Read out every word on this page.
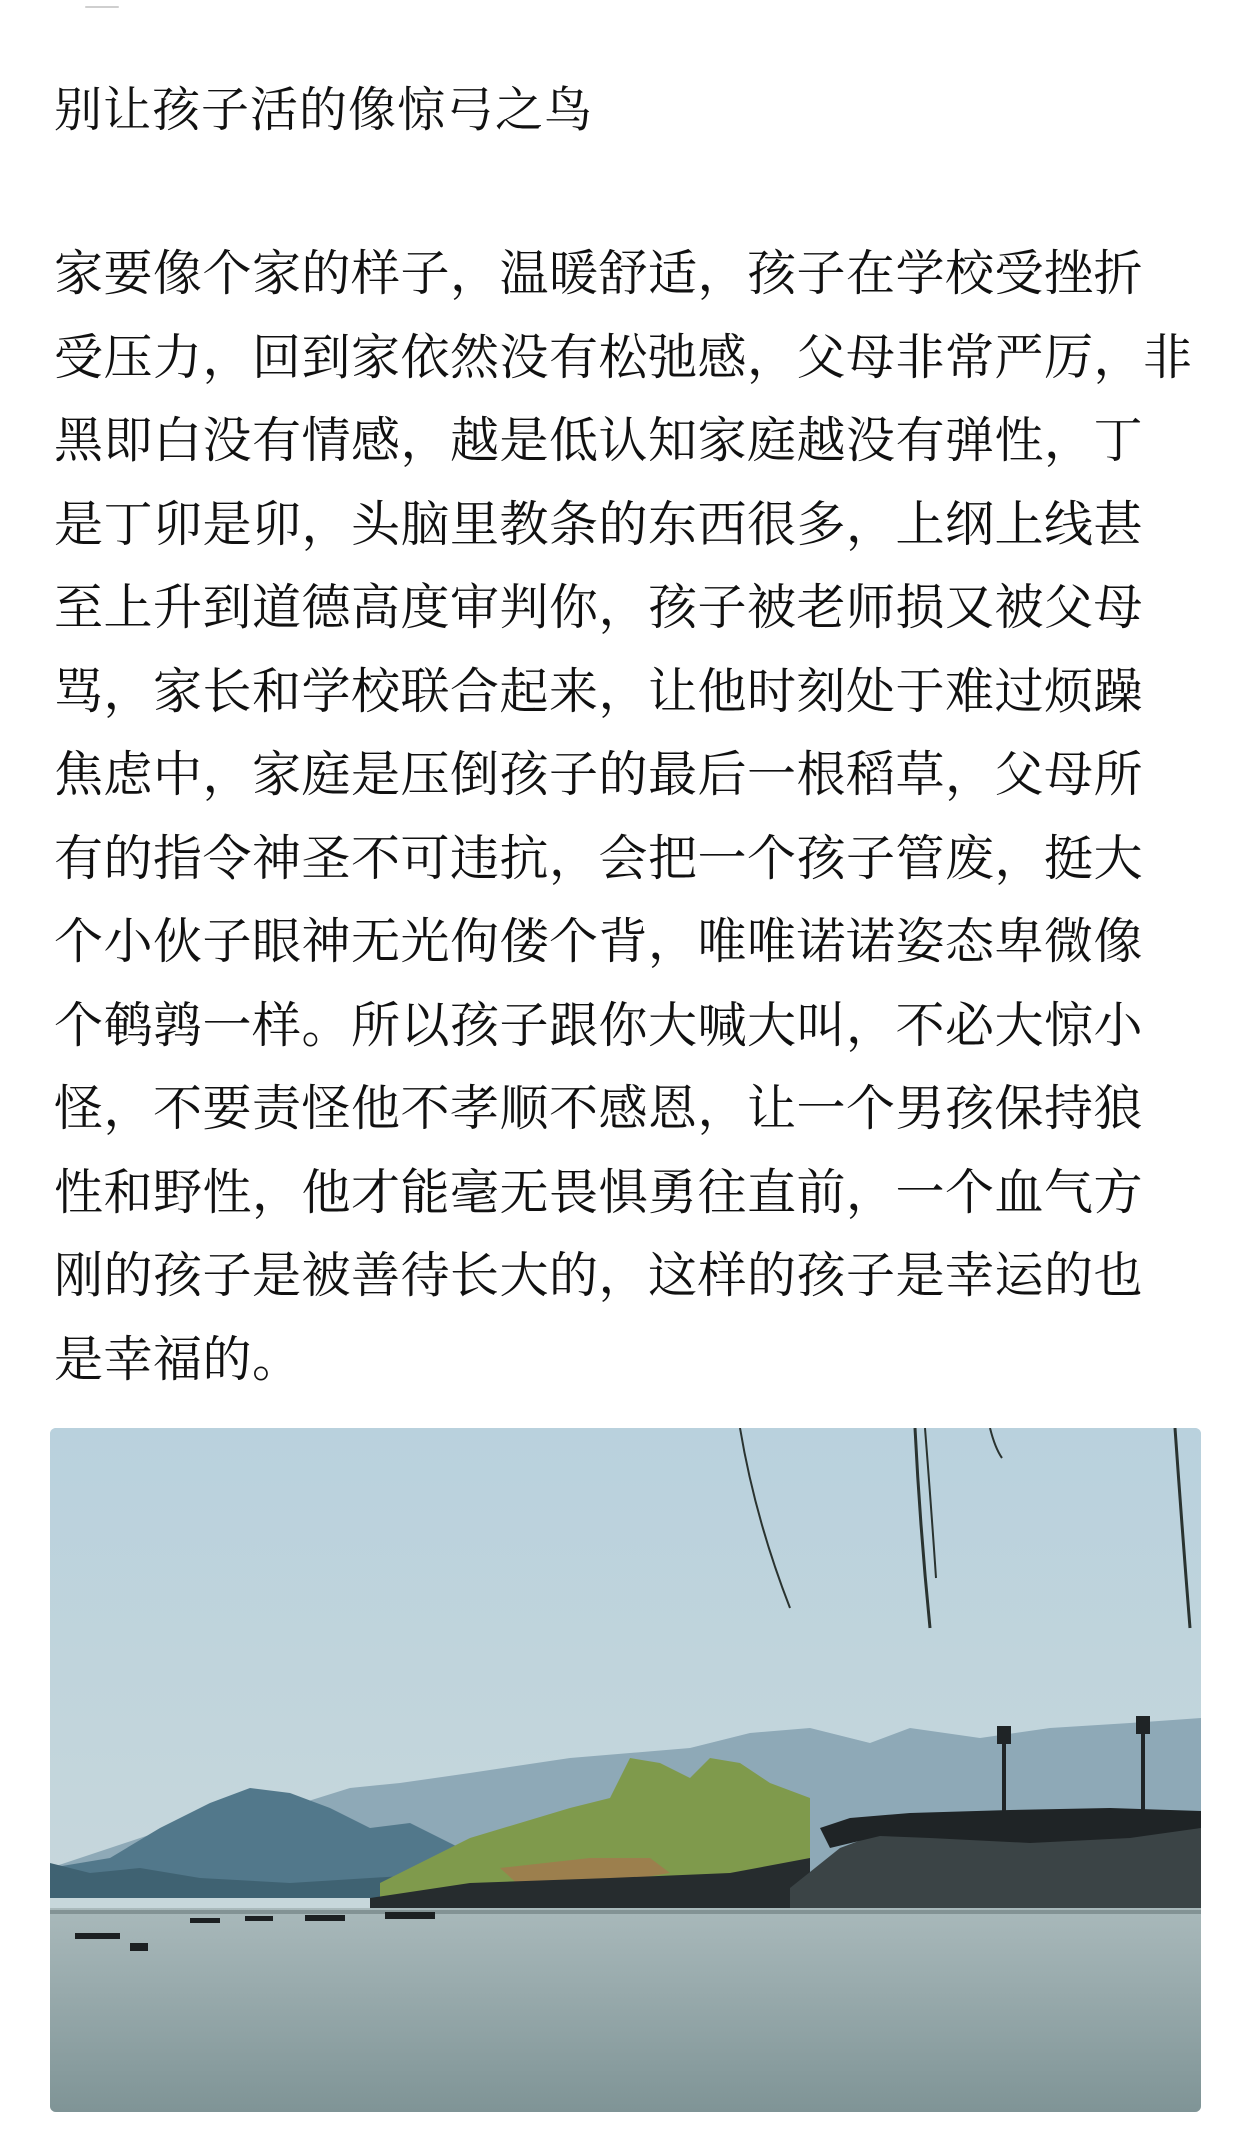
别让孩子活的像惊弓之鸟
家要像个家的样子，温暖舒适，孩子在学校受挫折
受压力，回到家依然没有松弛感，父母非常严厉，非
黑即白没有情感，越是低认知家庭越没有弹性，丁
是丁卯是卯，头脑里教条的东西很多，上纲上线甚
至上升到道德高度审判你，孩子被老师损又被父母
骂，家长和学校联合起来，让他时刻处于难过烦躁
焦虑中，家庭是压倒孩子的最后一根稻草，父母所
有的指令神圣不可违抗，会把一个孩子管废，挺大
个小伙子眼神无光佝偻个背，唯唯诺诺姿态卑微像
个鹌鹑一样。所以孩子跟你大喊大叫，不必大惊小
怪，不要责怪他不孝顺不感恩，让一个男孩保持狼
性和野性，他才能毫无畏惧勇往直前，一个血气方
刚的孩子是被善待长大的，这样的孩子是幸运的也
是幸福的。
